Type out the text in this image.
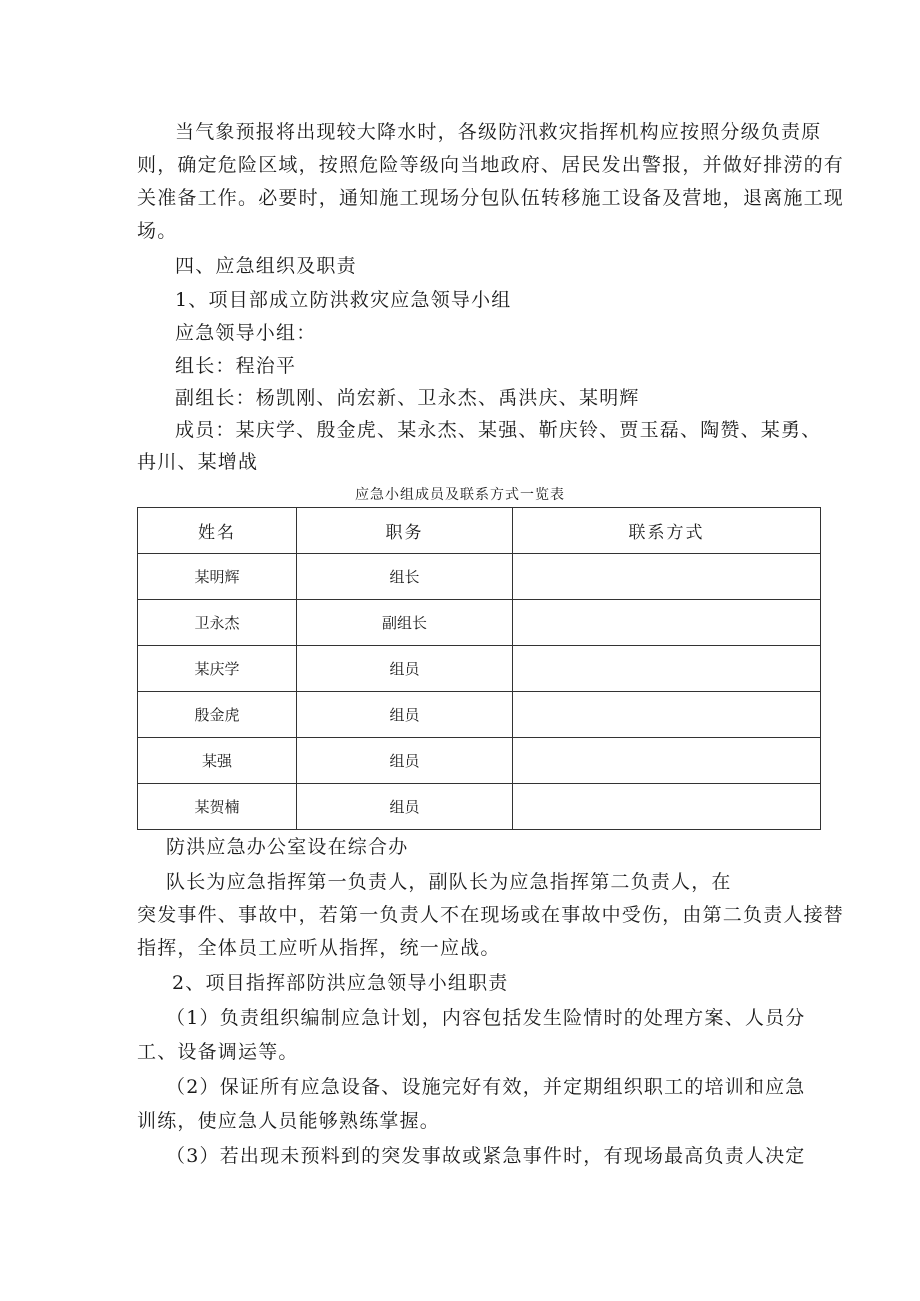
当气象预报将出现较大降水时，各级防汛救灾指挥机构应按照分级负责原
则，确定危险区域，按照危险等级向当地政府、居民发出警报，并做好排涝的有
关准备工作。必要时，通知施工现场分包队伍转移施工设备及营地，退离施工现
场。
四、应急组织及职责
1、项目部成立防洪救灾应急领导小组
应急领导小组：
组长：程治平
副组长：杨凯刚、尚宏新、卫永杰、禹洪庆、某明辉
成员：某庆学、殷金虎、某永杰、某强、靳庆铃、贾玉磊、陶赞、某勇、
冉川、某增战
应急小组成员及联系方式一览表
姓名	职务	联系方式
某明辉	组长	
卫永杰	副组长	
某庆学	组员	
殷金虎	组员	
某强	组员	
某贺楠	组员	
防洪应急办公室设在综合办
队长为应急指挥第一负责人，副队长为应急指挥第二负责人，在
突发事件、事故中，若第一负责人不在现场或在事故中受伤，由第二负责人接替
指挥，全体员工应听从指挥，统一应战。
2、项目指挥部防洪应急领导小组职责
（1）负责组织编制应急计划，内容包括发生险情时的处理方案、人员分
工、设备调运等。
（2）保证所有应急设备、设施完好有效，并定期组织职工的培训和应急
训练，使应急人员能够熟练掌握。
（3）若出现未预料到的突发事故或紧急事件时，有现场最高负责人决定
